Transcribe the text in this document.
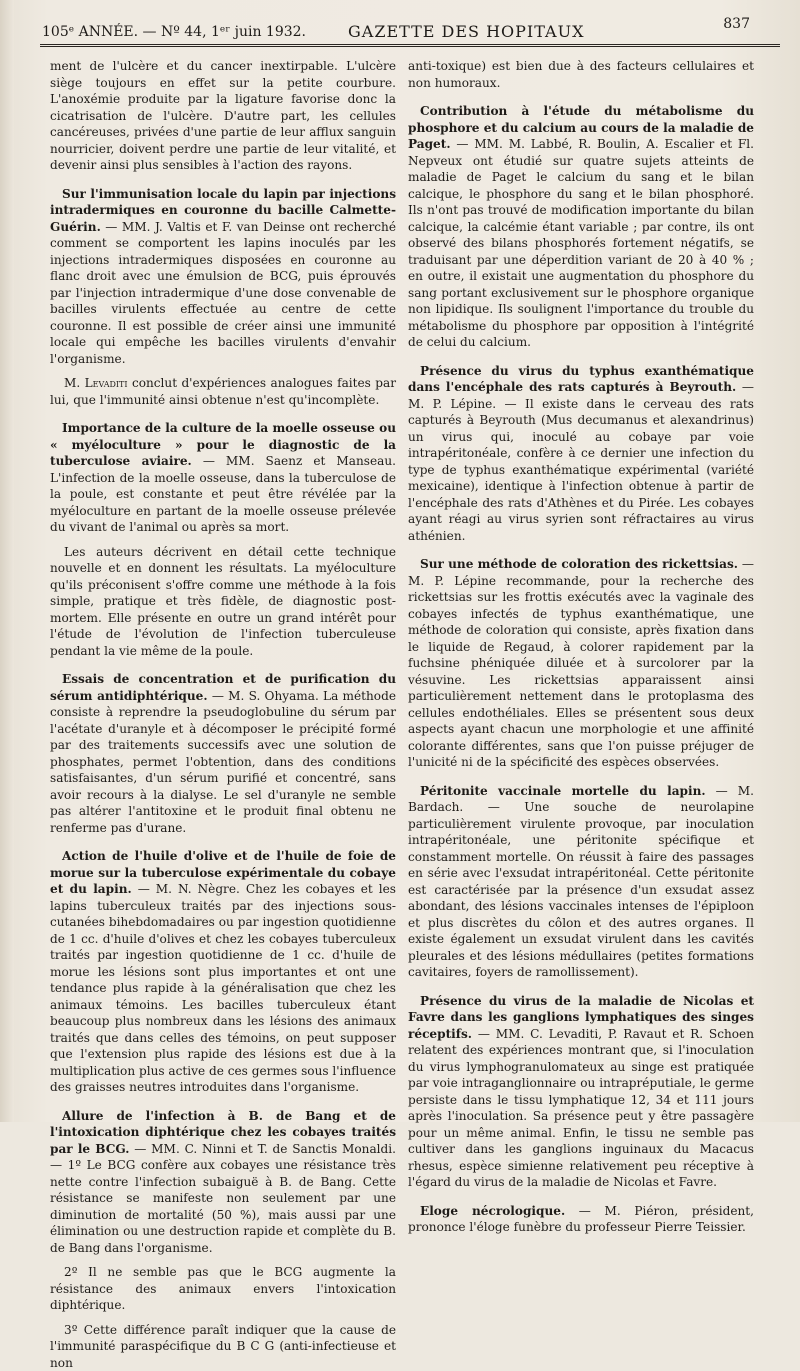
105ᵉ ANNÉE. — Nº 44, 1ᵉʳ juin 1932.	GAZETTE DES HOPITAUX	837

ment de l'ulcère et du cancer inextirpable. L'ulcère siège toujours en effet sur la petite courbure. L'anoxémie produite par la ligature favorise donc la cicatrisation de l'ulcère. D'autre part, les cellules cancéreuses, privées d'une partie de leur afflux sanguin nourricier, doivent perdre une partie de leur vitalité, et devenir ainsi plus sensibles à l'action des rayons.

Sur l'immunisation locale du lapin par injections intradermiques en couronne du bacille Calmette-Guérin. — MM. J. Valtis et F. van Deinse ont recherché comment se comportent les lapins inoculés par les injections intradermiques disposées en couronne au flanc droit avec une émulsion de BCG, puis éprouvés par l'injection intradermique d'une dose convenable de bacilles virulents effectuée au centre de cette couronne. Il est possible de créer ainsi une immunité locale qui empêche les bacilles virulents d'envahir l'organisme.

M. Levaditi conclut d'expériences analogues faites par lui, que l'immunité ainsi obtenue n'est qu'incomplète.

Importance de la culture de la moelle osseuse ou « myéloculture » pour le diagnostic de la tuberculose aviaire. — MM. Saenz et Manseau. L'infection de la moelle osseuse, dans la tuberculose de la poule, est constante et peut être révélée par la myéloculture en partant de la moelle osseuse prélevée du vivant de l'animal ou après sa mort.

Les auteurs décrivent en détail cette technique nouvelle et en donnent les résultats. La myéloculture qu'ils préconisent s'offre comme une méthode à la fois simple, pratique et très fidèle, de diagnostic post-mortem. Elle présente en outre un grand intérêt pour l'étude de l'évolution de l'infection tuberculeuse pendant la vie même de la poule.

Essais de concentration et de purification du sérum antidiphtérique. — M. S. Ohyama. La méthode consiste à reprendre la pseudoglobuline du sérum par l'acétate d'uranyle et à décomposer le précipité formé par des traitements successifs avec une solution de phosphates, permet l'obtention, dans des conditions satisfaisantes, d'un sérum purifié et concentré, sans avoir recours à la dialyse. Le sel d'uranyle ne semble pas altérer l'antitoxine et le produit final obtenu ne renferme pas d'urane.

Action de l'huile d'olive et de l'huile de foie de morue sur la tuberculose expérimentale du cobaye et du lapin. — M. N. Nègre. Chez les cobayes et les lapins tuberculeux traités par des injections sous-cutanées bihebdomadaires ou par ingestion quotidienne de 1 cc. d'huile d'olives et chez les cobayes tuberculeux traités par ingestion quotidienne de 1 cc. d'huile de morue les lésions sont plus importantes et ont une tendance plus rapide à la généralisation que chez les animaux témoins. Les bacilles tuberculeux étant beaucoup plus nombreux dans les lésions des animaux traités que dans celles des témoins, on peut supposer que l'extension plus rapide des lésions est due à la multiplication plus active de ces germes sous l'influence des graisses neutres introduites dans l'organisme.

Allure de l'infection à B. de Bang et de l'intoxication diphtérique chez les cobayes traités par le BCG. — MM. C. Ninni et T. de Sanctis Monaldi. — 1º Le BCG confère aux cobayes une résistance très nette contre l'infection subaiguë à B. de Bang. Cette résistance se manifeste non seulement par une diminution de mortalité (50 %), mais aussi par une élimination ou une destruction rapide et complète du B. de Bang dans l'organisme.

2º Il ne semble pas que le BCG augmente la résistance des animaux envers l'intoxication diphtérique.

3º Cette différence paraît indiquer que la cause de l'immunité paraspécifique du B C G (anti-infectieuse et non

anti-toxique) est bien due à des facteurs cellulaires et non humoraux.

Contribution à l'étude du métabolisme du phosphore et du calcium au cours de la maladie de Paget. — MM. M. Labbé, R. Boulin, A. Escalier et Fl. Nepveux ont étudié sur quatre sujets atteints de maladie de Paget le calcium du sang et le bilan calcique, le phosphore du sang et le bilan phosphoré. Ils n'ont pas trouvé de modification importante du bilan calcique, la calcémie étant variable ; par contre, ils ont observé des bilans phosphorés fortement négatifs, se traduisant par une déperdition variant de 20 à 40 % ; en outre, il existait une augmentation du phosphore du sang portant exclusivement sur le phosphore organique non lipidique. Ils soulignent l'importance du trouble du métabolisme du phosphore par opposition à l'intégrité de celui du calcium.

Présence du virus du typhus exanthématique dans l'encéphale des rats capturés à Beyrouth. — M. P. Lépine. — Il existe dans le cerveau des rats capturés à Beyrouth (Mus decumanus et alexandrinus) un virus qui, inoculé au cobaye par voie intrapéritonéale, confère à ce dernier une infection du type de typhus exanthématique expérimental (variété mexicaine), identique à l'infection obtenue à partir de l'encéphale des rats d'Athènes et du Pirée. Les cobayes ayant réagi au virus syrien sont réfractaires au virus athénien.

Sur une méthode de coloration des rickettsias. — M. P. Lépine recommande, pour la recherche des rickettsias sur les frottis exécutés avec la vaginale des cobayes infectés de typhus exanthématique, une méthode de coloration qui consiste, après fixation dans le liquide de Regaud, à colorer rapidement par la fuchsine phéniquée diluée et à surcolorer par la vésuvine. Les rickettsias apparaissent ainsi particulièrement nettement dans le protoplasma des cellules endothéliales. Elles se présentent sous deux aspects ayant chacun une morphologie et une affinité colorante différentes, sans que l'on puisse préjuger de l'unicité ni de la spécificité des espèces observées.

Péritonite vaccinale mortelle du lapin. — M. Bardach. — Une souche de neurolapine particulièrement virulente provoque, par inoculation intrapéritonéale, une péritonite spécifique et constamment mortelle. On réussit à faire des passages en série avec l'exsudat intrapéritonéal. Cette péritonite est caractérisée par la présence d'un exsudat assez abondant, des lésions vaccinales intenses de l'épiploon et plus discrètes du côlon et des autres organes. Il existe également un exsudat virulent dans les cavités pleurales et des lésions médullaires (petites formations cavitaires, foyers de ramollissement).

Présence du virus de la maladie de Nicolas et Favre dans les ganglions lymphatiques des singes réceptifs. — MM. C. Levaditi, P. Ravaut et R. Schoen relatent des expériences montrant que, si l'inoculation du virus lymphogranulomateux au singe est pratiquée par voie intraganglionnaire ou intrapréputiale, le germe persiste dans le tissu lymphatique 12, 34 et 111 jours après l'inoculation. Sa présence peut y être passagère pour un même animal. Enfin, le tissu ne semble pas cultiver dans les ganglions inguinaux du Macacus rhesus, espèce simienne relativement peu réceptive à l'égard du virus de la maladie de Nicolas et Favre.

Eloge nécrologique. — M. Piéron, président, prononce l'éloge funèbre du professeur Pierre Teissier.
